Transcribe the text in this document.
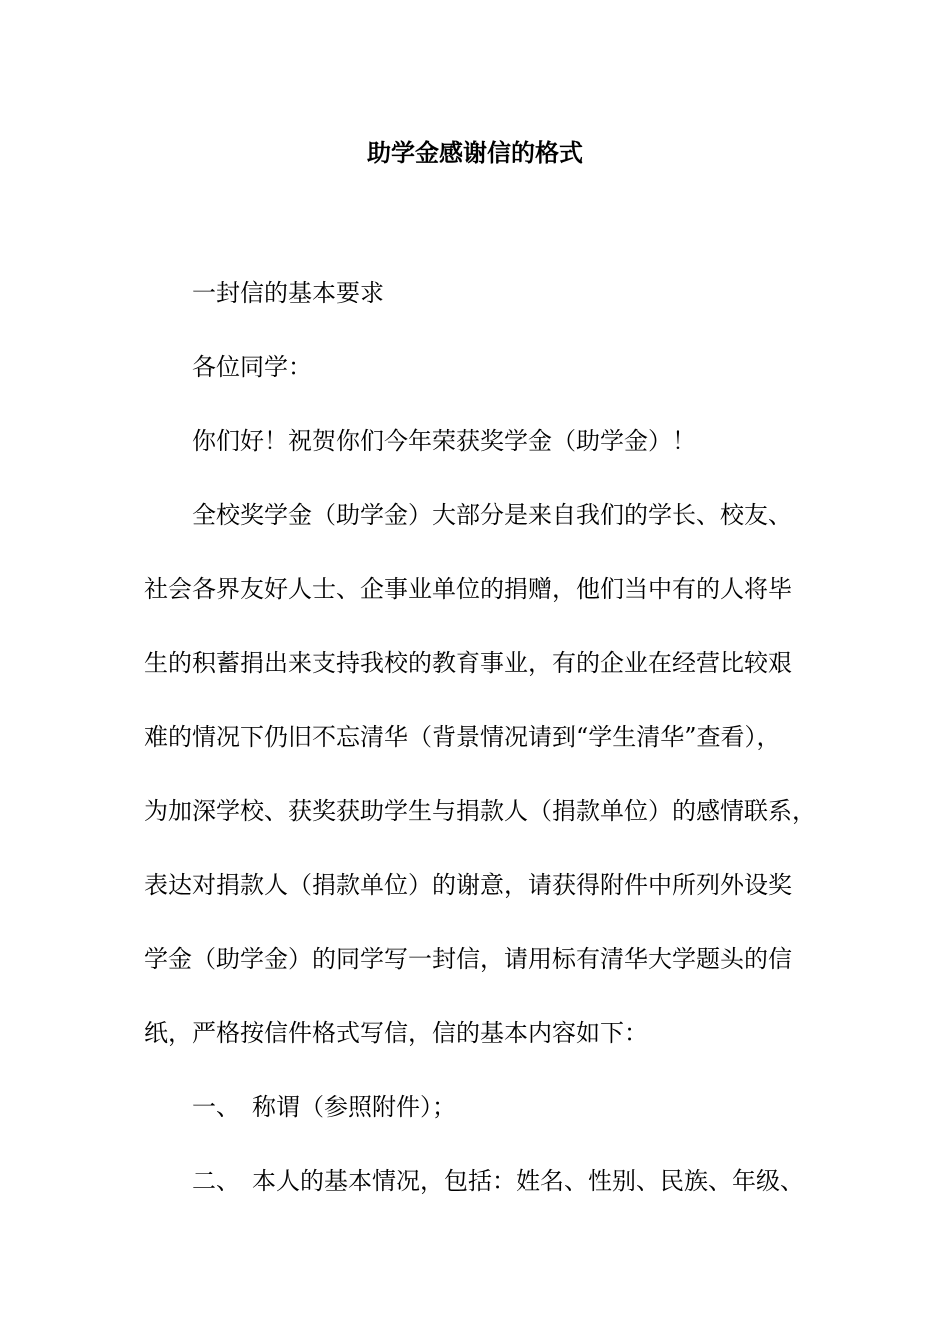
助学金感谢信的格式

一封信的基本要求

各位同学：

你们好！祝贺你们今年荣获奖学金（助学金）！

全校奖学金（助学金）大部分是来自我们的学长、校友、

社会各界友好人士、企事业单位的捐赠，他们当中有的人将毕

生的积蓄捐出来支持我校的教育事业，有的企业在经营比较艰

难的情况下仍旧不忘清华（背景情况请到“学生清华”查看），

为加深学校、获奖获助学生与捐款人（捐款单位）的感情联系，

表达对捐款人（捐款单位）的谢意，请获得附件中所列外设奖

学金（助学金）的同学写一封信，请用标有清华大学题头的信

纸，严格按信件格式写信，信的基本内容如下：

一、 称谓（参照附件）；

二、 本人的基本情况，包括：姓名、性别、民族、年级、
